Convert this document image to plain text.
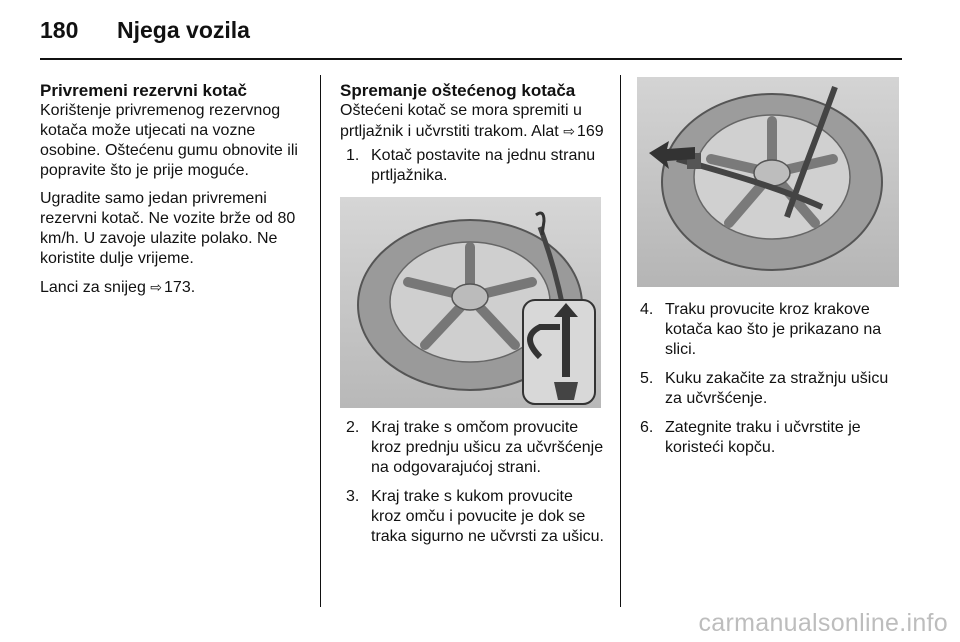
180 Njega vozila
Privremeni rezervni kotač

Korištenje privremenog rezervnog kotača može utjecati na vozne osobine. Oštećenu gumu obnovite ili popravite što je prije moguće.

Ugradite samo jedan privremeni rezervni kotač. Ne vozite brže od 80 km/h. U zavoje ulazite polako. Ne koristite dulje vrijeme.

Lanci za snijeg ⇨ 173.

Spremanje oštećenog kotača

Oštećeni kotač se mora spremiti u prtljažnik i učvrstiti trakom. Alat ⇨ 169

1. Kotač postavite na jednu stranu prtljažnika.
2. Kraj trake s omčom provucite kroz prednju ušicu za učvršćenje na odgovarajućoj strani.
3. Kraj trake s kukom provucite kroz omču i povucite je dok se traka sigurno ne učvrsti za ušicu.
4. Traku provucite kroz krakove kotača kao što je prikazano na slici.
5. Kuku zakačite za stražnju ušicu za učvršćenje.
6. Zategnite traku i učvrstite je koristeći kopču.
carmanualsonline.info
